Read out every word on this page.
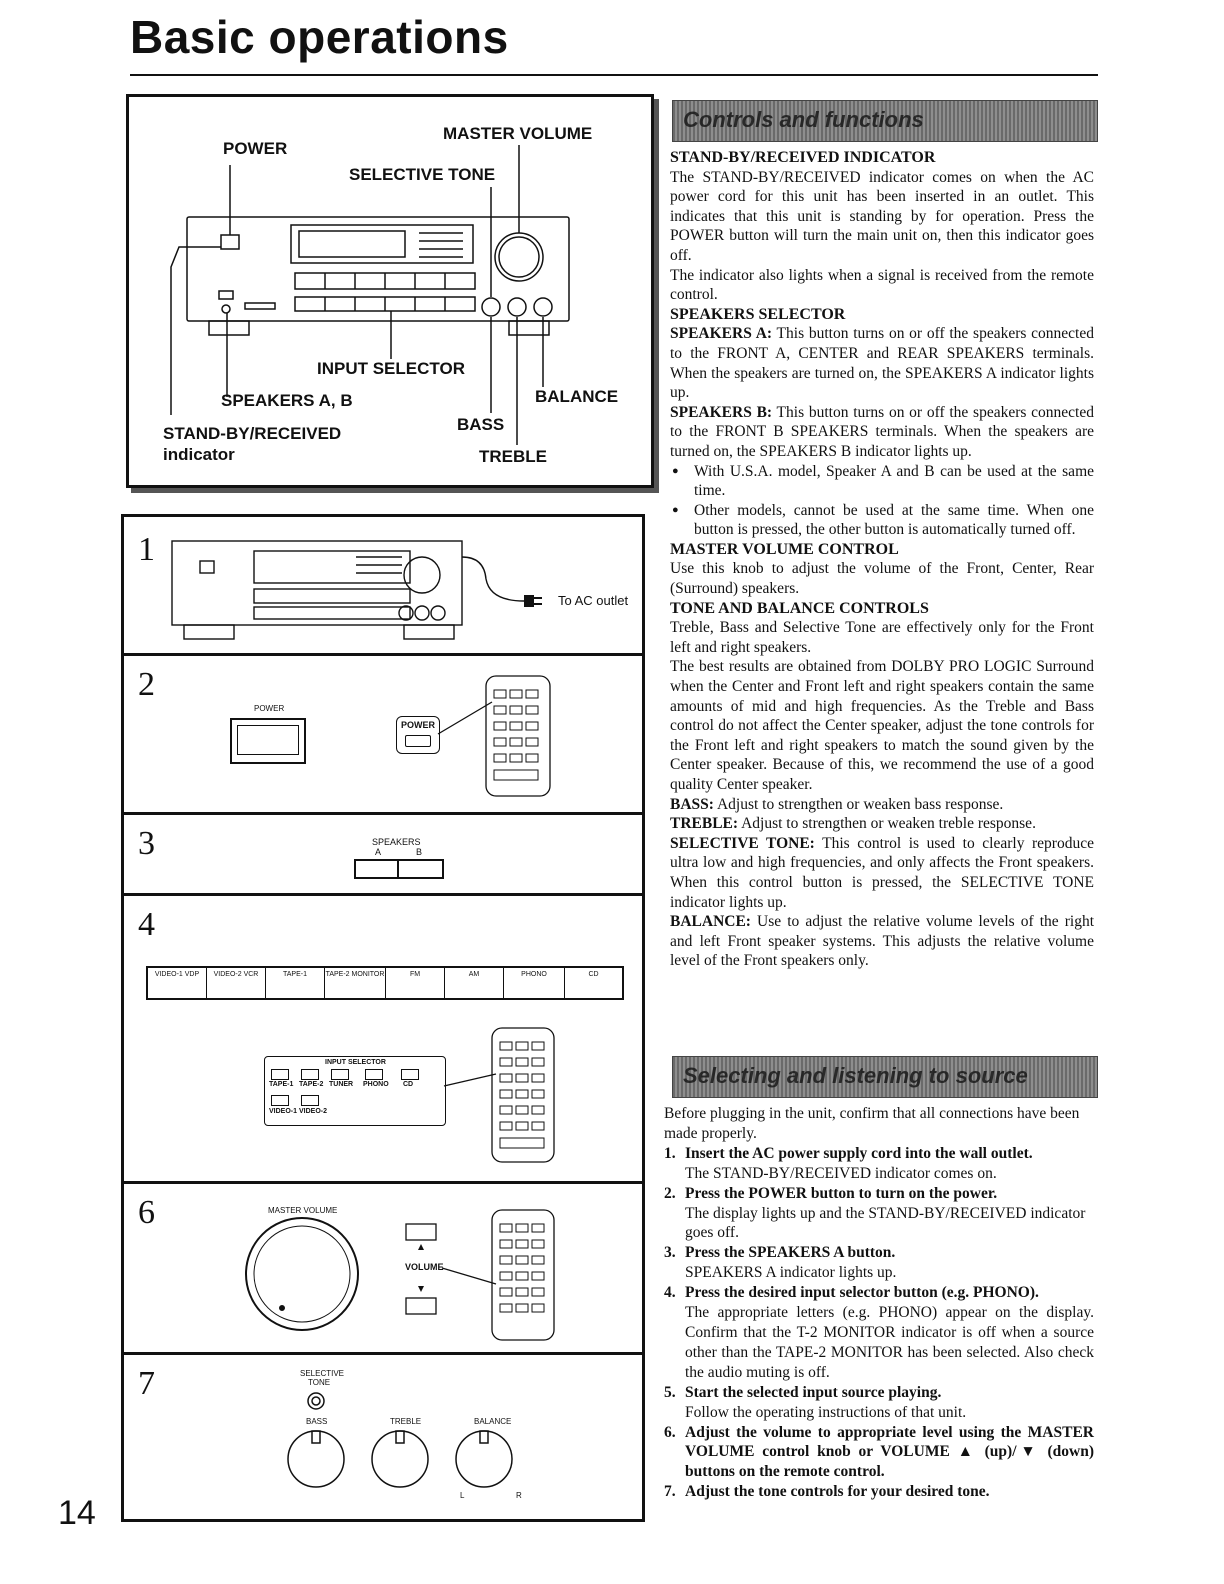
Basic operations
POWER
MASTER VOLUME
SELECTIVE TONE
INPUT SELECTOR
SPEAKERS A, B	BALANCE
BASS
STAND-BY/RECEIVED
indicator	TREBLE
1
To AC outlet
2
POWER
POWER
3	SPEAKERS
A	B
4
VIDEO-1 VDP	VIDEO-2 VCR	TAPE-1	TAPE-2 MONITOR	FM	AM	PHONO	CD
INPUT SELECTOR
TAPE-1 TAPE-2 TUNER PHONO CD
VIDEO-1 VIDEO-2
6	MASTER VOLUME
VOLUME
7	SELECTIVE
TONE
BASS	TREBLE	BALANCE
L	R
Controls and functions
STAND-BY/RECEIVED INDICATOR

The STAND-BY/RECEIVED indicator comes on when the AC power cord for this unit has been inserted in an outlet. This indicates that this unit is standing by for operation. Press the POWER button will turn the main unit on, then this indicator goes off.

The indicator also lights when a signal is received from the remote control.

SPEAKERS SELECTOR

SPEAKERS A: This button turns on or off the speakers connected to the FRONT A, CENTER and REAR SPEAKERS terminals. When the speakers are turned on, the SPEAKERS A indicator lights up.

SPEAKERS B: This button turns on or off the speakers connected to the FRONT B SPEAKERS terminals. When the speakers are turned on, the SPEAKERS B indicator lights up.

● With U.S.A. model, Speaker A and B can be used at the same time.

● Other models, cannot be used at the same time. When one button is pressed, the other button is automatically turned off.

MASTER VOLUME CONTROL

Use this knob to adjust the volume of the Front, Center, Rear (Surround) speakers.

TONE AND BALANCE CONTROLS

Treble, Bass and Selective Tone are effectively only for the Front left and right speakers.

The best results are obtained from DOLBY PRO LOGIC Surround when the Center and Front left and right speakers contain the same amounts of mid and high frequencies. As the Treble and Bass control do not affect the Center speaker, adjust the tone controls for the Front left and right speakers to match the sound given by the Center speaker. Because of this, we recommend the use of a good quality Center speaker.

BASS: Adjust to strengthen or weaken bass response.

TREBLE: Adjust to strengthen or weaken treble response.

SELECTIVE TONE: This control is used to clearly reproduce ultra low and high frequencies, and only affects the Front speakers. When this control button is pressed, the SELECTIVE TONE indicator lights up.

BALANCE: Use to adjust the relative volume levels of the right and left Front speaker systems. This adjusts the relative volume level of the Front speakers only.

Selecting and listening to source

Before plugging in the unit, confirm that all connections have been made properly.

1. Insert the AC power supply cord into the wall outlet.
The STAND-BY/RECEIVED indicator comes on.
2. Press the POWER button to turn on the power.
The display lights up and the STAND-BY/RECEIVED indicator goes off.
3. Press the SPEAKERS A button.
SPEAKERS A indicator lights up.
4. Press the desired input selector button (e.g. PHONO).
The appropriate letters (e.g. PHONO) appear on the display. Confirm that the T-2 MONITOR indicator is off when a source other than the TAPE-2 MONITOR has been selected. Also check the audio muting is off.
5. Start the selected input source playing.
Follow the operating instructions of that unit.
6. Adjust the volume to appropriate level using the MASTER VOLUME control knob or VOLUME ▲ (up)/▼ (down) buttons on the remote control.
7. Adjust the tone controls for your desired tone.
14
